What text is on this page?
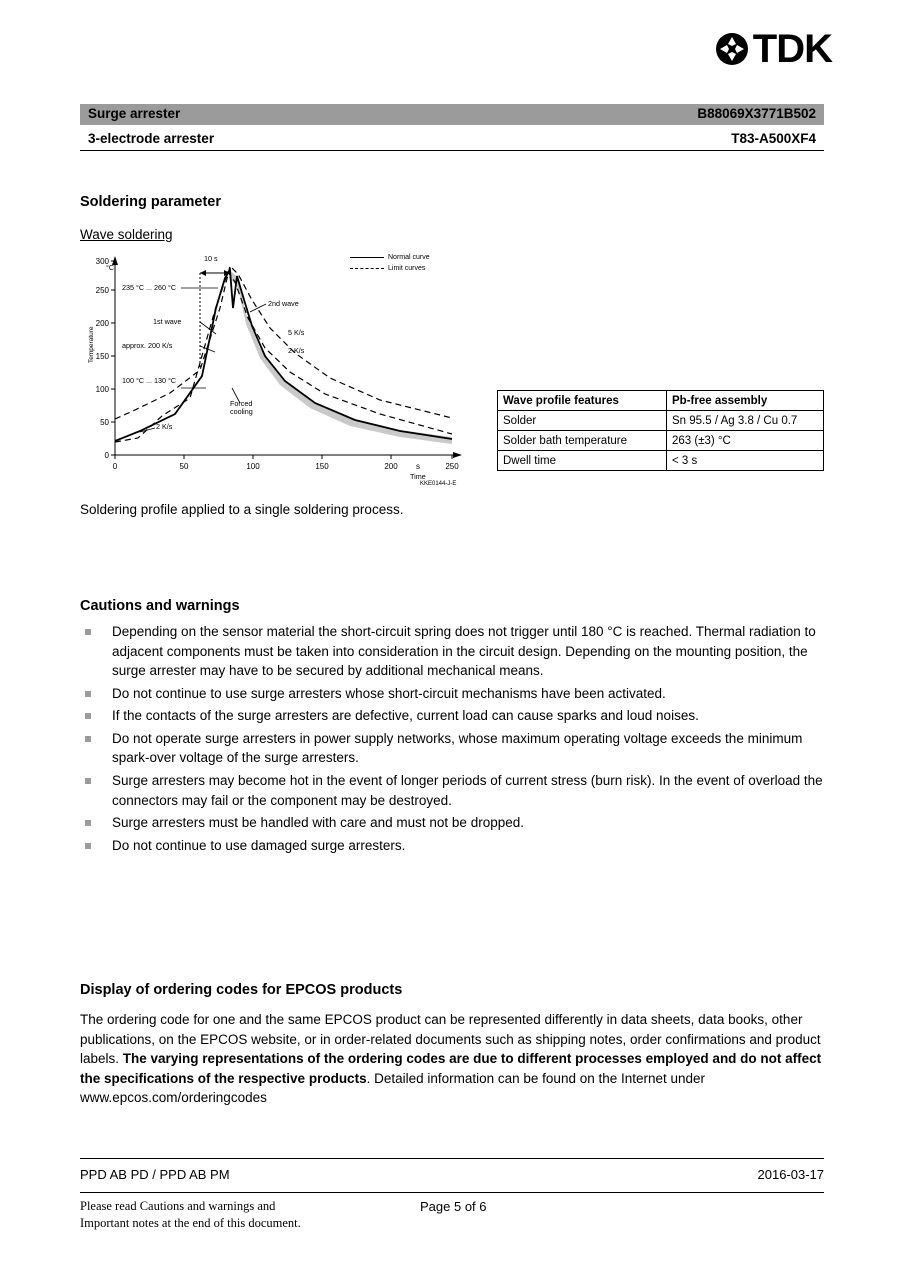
TDK
Surge arrester	B88069X3771B502
3-electrode arrester	T83-A500XF4
Soldering parameter
Wave soldering
0
50
100
150
200
250
300
0	50	100	150	200	250
s
Normal curve
Limit curves
Temperature
°C
Time
KKE0144-J-E
10 s
235 °C ... 260 °C
2nd wave
1st wave
5 K/s
approx. 200 K/s
2 K/s
100 °C ... 130 °C
Forced cooling
2 K/s
Wave profile features	Pb-free assembly
Solder	Sn 95.5 / Ag 3.8 / Cu 0.7
Solder bath temperature	263 (±3) °C
Dwell time	< 3 s
Soldering profile applied to a single soldering process.
Cautions and warnings
Depending on the sensor material the short-circuit spring does not trigger until 180 °C is reached. Thermal radiation to adjacent components must be taken into consideration in the circuit design. Depending on the mounting position, the surge arrester may have to be secured by additional mechanical means.
Do not continue to use surge arresters whose short-circuit mechanisms have been activated.
If the contacts of the surge arresters are defective, current load can cause sparks and loud noises.
Do not operate surge arresters in power supply networks, whose maximum operating voltage exceeds the minimum spark-over voltage of the surge arresters.
Surge arresters may become hot in the event of longer periods of current stress (burn risk). In the event of overload the connectors may fail or the component may be destroyed.
Surge arresters must be handled with care and must not be dropped.
Do not continue to use damaged surge arresters.
Display of ordering codes for EPCOS products
The ordering code for one and the same EPCOS product can be represented differently in data sheets, data books, other publications, on the EPCOS website, or in order-related documents such as shipping notes, order confirmations and product labels. The varying representations of the ordering codes are due to different processes employed and do not affect the specifications of the respective products. Detailed information can be found on the Internet under www.epcos.com/orderingcodes
PPD AB PD / PPD AB PM	2016-03-17
Please read Cautions and warnings and
Important notes at the end of this document.
Page 5 of 6
